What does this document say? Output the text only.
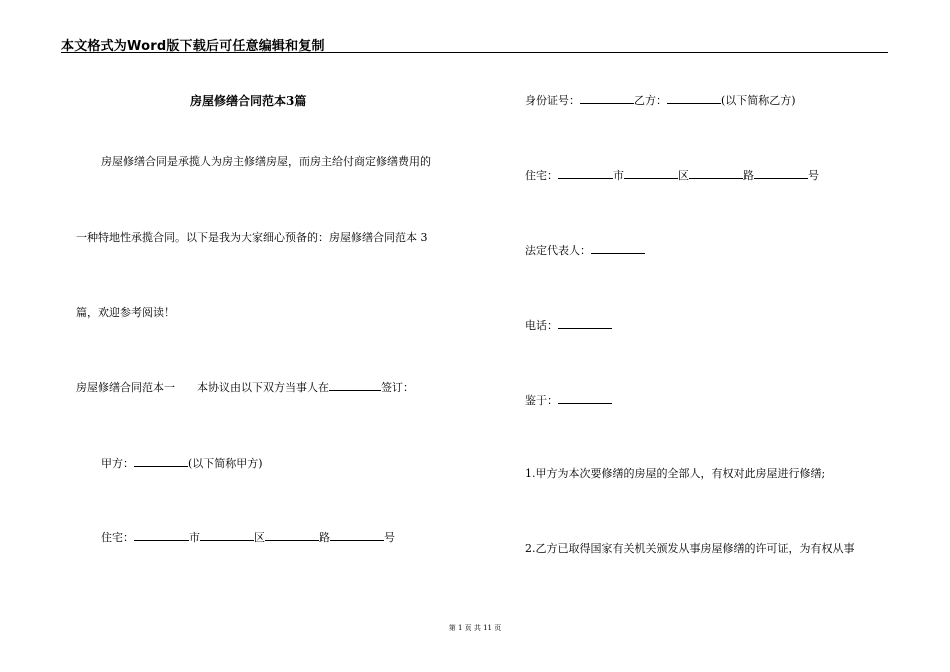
本文格式为Word版下载后可任意编辑和复制
房屋修缮合同范本3篇
房屋修缮合同是承揽人为房主修缮房屋，而房主给付商定修缮费用的
一种特地性承揽合同。以下是我为大家细心预备的：房屋修缮合同范本 3
篇，欢迎参考阅读！
房屋修缮合同范本一 本协议由以下双方当事人在	签订：
甲方：	(以下简称甲方)
住宅：	市	区	路	号
身份证号：	乙方：	(以下简称乙方)
住宅：	市	区	路	号
法定代表人：
电话：
鉴于：
1.甲方为本次要修缮的房屋的全部人，有权对此房屋进行修缮;
2.乙方已取得国家有关机关颁发从事房屋修缮的许可证，为有权从事
第 1 页 共 11 页
